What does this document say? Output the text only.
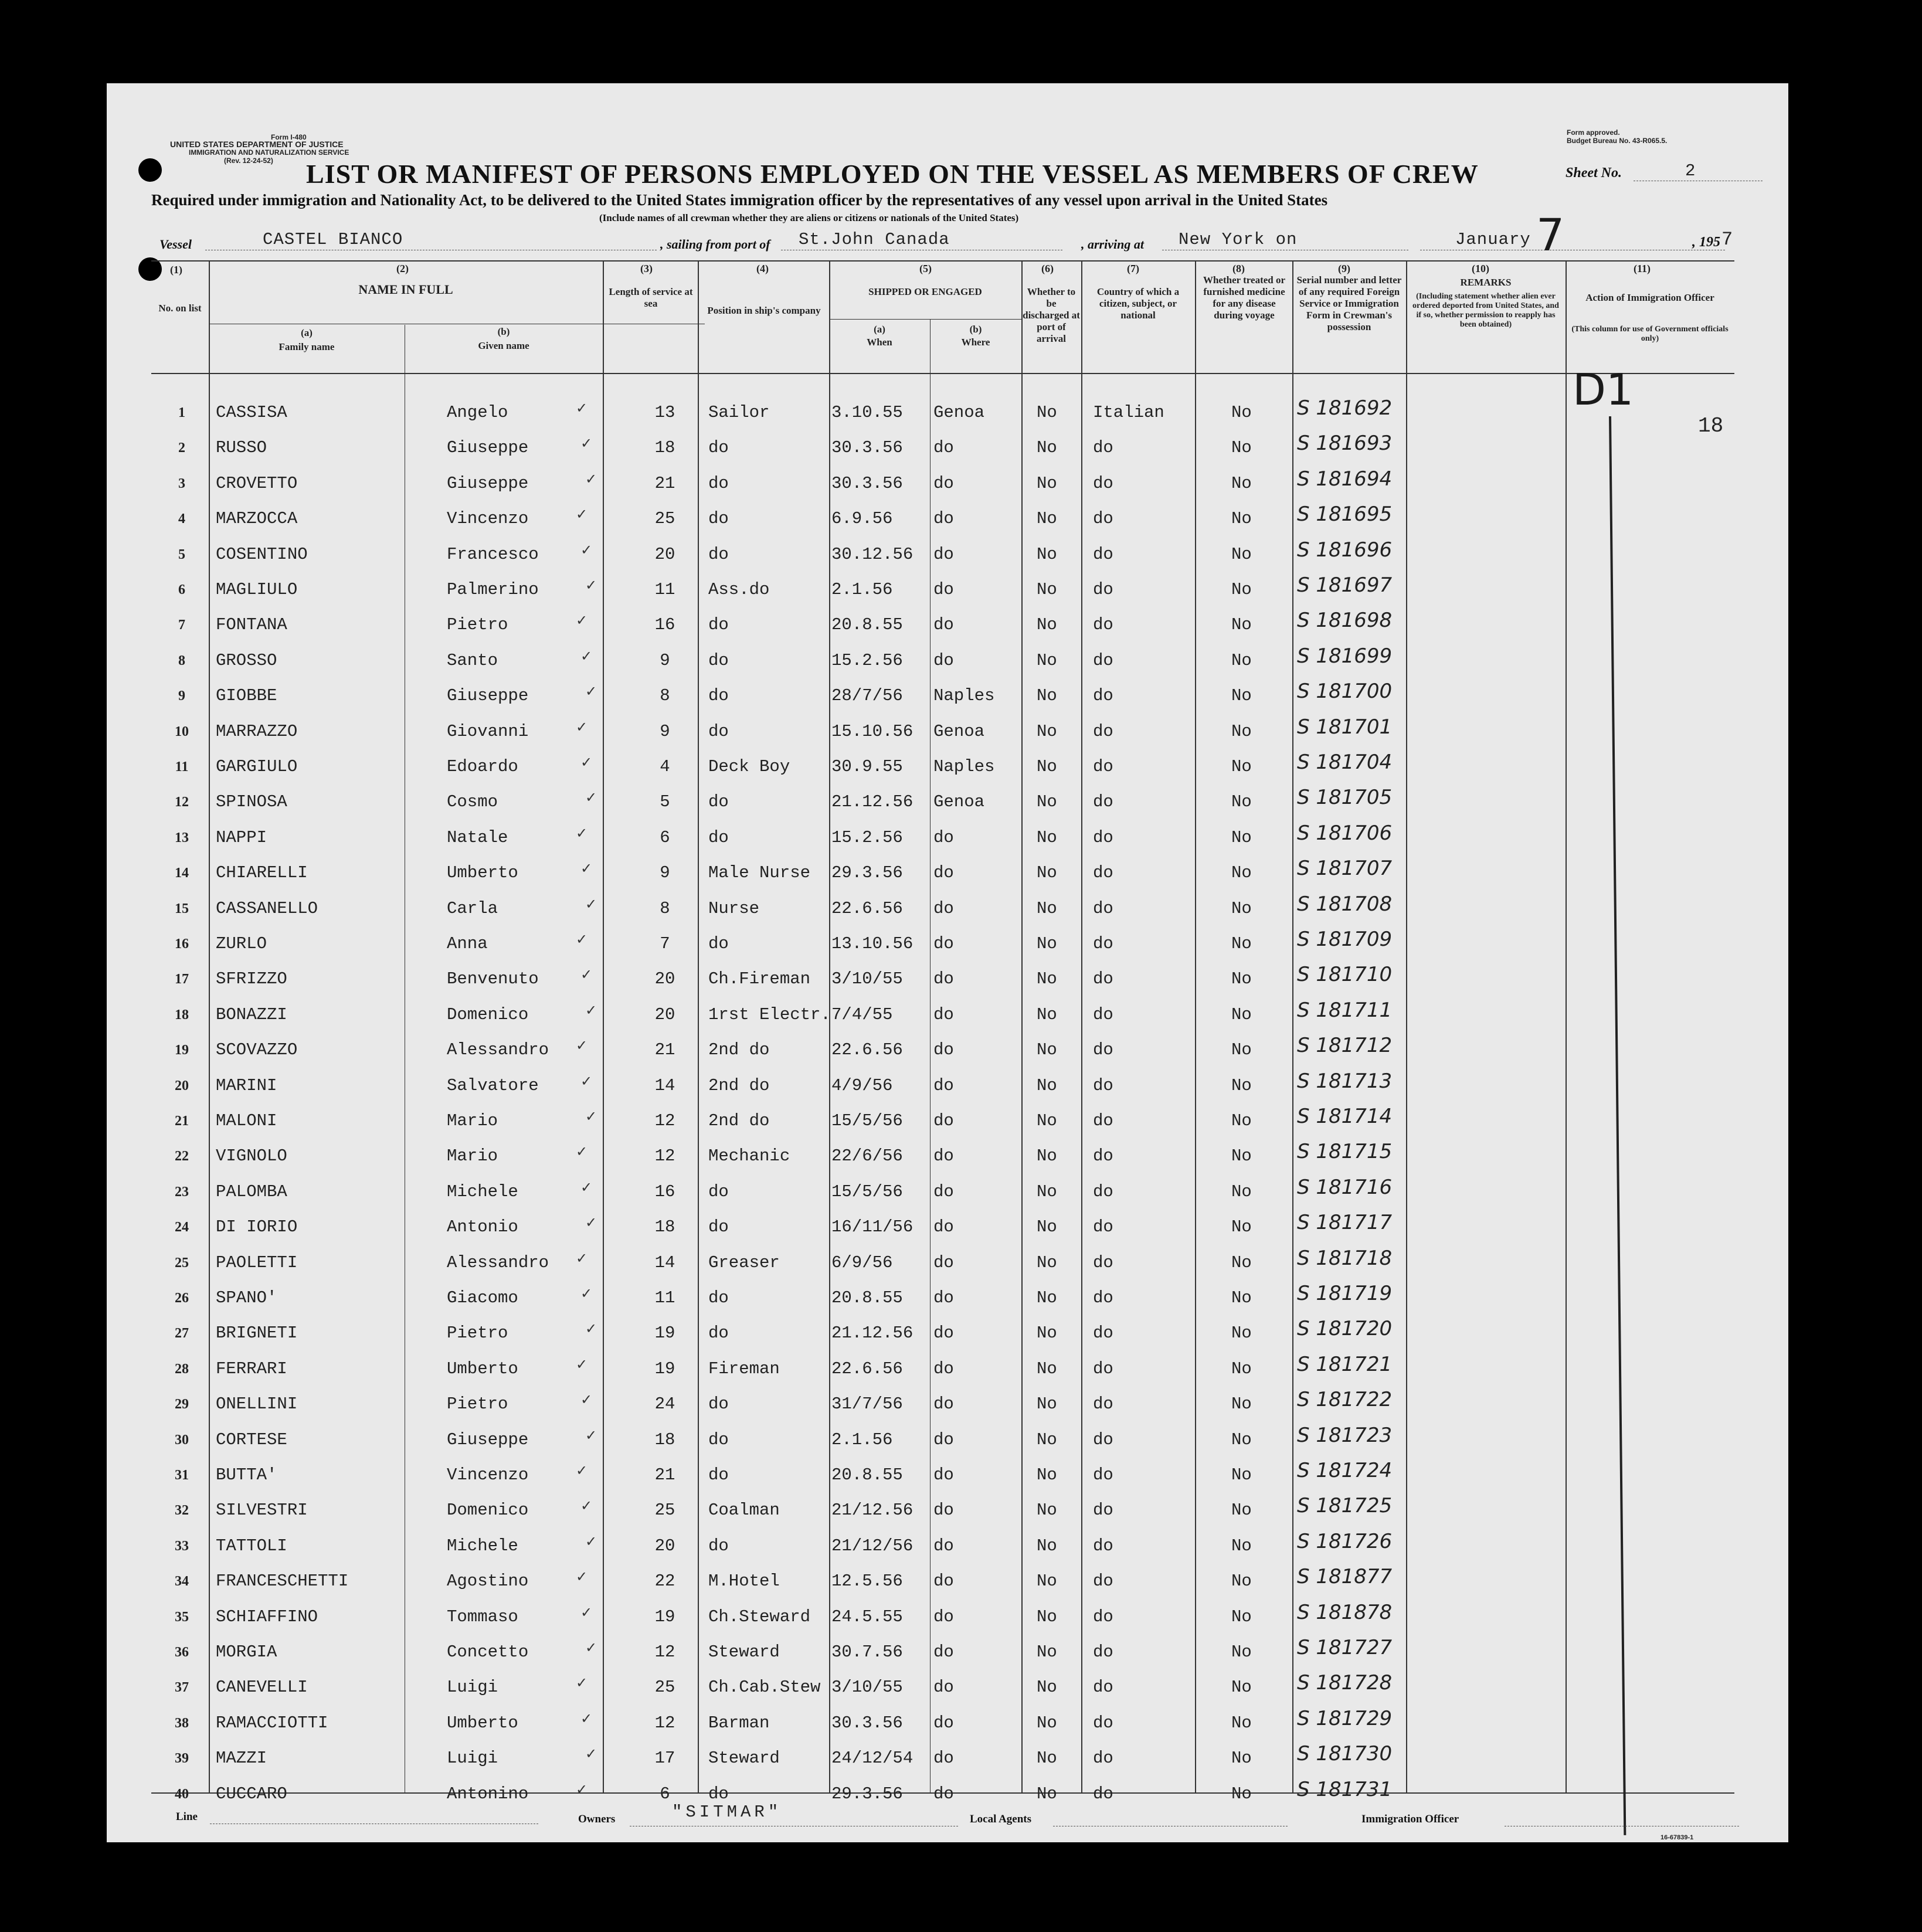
Form I-480
UNITED STATES DEPARTMENT OF JUSTICE
IMMIGRATION AND NATURALIZATION SERVICE
(Rev. 12-24-52)
Form approved.
Budget Bureau No. 43-R065.5.
LIST OR MANIFEST OF PERSONS EMPLOYED ON THE VESSEL AS MEMBERS OF CREW	Sheet No.	2
Required under immigration and Nationality Act, to be delivered to the United States immigration officer by the representatives of any vessel upon arrival in the United States
(Include names of all crewman whether they are aliens or citizens or nationals of the United States)
Vessel	CASTEL BIANCO	, sailing from port of St.John Canada	, arriving at New York on	January 7	, 195 7
(1)
No. on list
(2)
NAME IN FULL
(a)
Family name
(b)
Given name
(3)
Length of service at sea
(4)
Position in ship's company
(5)
SHIPPED OR ENGAGED
(a)
When
(b)
Where
(6)
Whether to be discharged at port of arrival
(7)
Country of which a citizen, subject, or national
(8)
Whether treated or furnished medicine for any disease during voyage
(9)
Serial number and letter of any required Foreign Service or Immigration Form in Crewman's possession
(10)
REMARKS
(Including statement whether alien ever ordered deported from United States, and if so, whether permission to reapply has been obtained)
(11)
Action of Immigration Officer
(This column for use of Government officials only)
1	CASSISA	Angelo	13	Sailor	3.10.55 Genoa	No Italian	No S 181692
✓
2	RUSSO	Giuseppe	18	do	30.3.56 do	No do	No S 181693
✓
3	CROVETTO	Giuseppe	21	do	30.3.56 do	No do	No S 181694
✓
4	MARZOCCA	Vincenzo	25	do	6.9.56 do	No do	No S 181695
✓
5	COSENTINO	Francesco	20	do	30.12.56 do	No do	No S 181696
✓
6	MAGLIULO	Palmerino	11	Ass.do	2.1.56 do	No do	No S 181697
✓
7	FONTANA	Pietro	16	do	20.8.55 do	No do	No S 181698
✓
8	GROSSO	Santo	9	do	15.2.56 do	No do	No S 181699
✓
9	GIOBBE	Giuseppe	8	do	28/7/56 Naples No do	No S 181700
✓
10	MARRAZZO	Giovanni	9	do	15.10.56 Genoa	No do	No S 181701
✓
11	GARGIULO	Edoardo	4	Deck Boy 30.9.55 Naples No do	No S 181704
✓
12	SPINOSA	Cosmo	5	do	21.12.56 Genoa	No do	No S 181705
✓
13	NAPPI	Natale	6	do	15.2.56 do	No do	No S 181706
✓
14	CHIARELLI	Umberto	9	Male Nurse 29.3.56 do	No do	No S 181707
✓
15	CASSANELLO	Carla	8	Nurse	22.6.56 do	No do	No S 181708
✓
16	ZURLO	Anna	7	do	13.10.56 do	No do	No S 181709
✓
17	SFRIZZO	Benvenuto	20	Ch.Fireman 3/10/55 do	No do	No S 181710
✓
18	BONAZZI	Domenico	20	1rst Electr. 7/4/55 do	No do	No S 181711
✓
19	SCOVAZZO	Alessandro	21	2nd do	22.6.56 do	No do	No S 181712
✓
20	MARINI	Salvatore	14	2nd do	4/9/56 do	No do	No S 181713
✓
21	MALONI	Mario	12	2nd do	15/5/56 do	No do	No S 181714
✓
22	VIGNOLO	Mario	12	Mechanic 22/6/56 do	No do	No S 181715
✓
23	PALOMBA	Michele	16	do	15/5/56 do	No do	No S 181716
✓
24	DI IORIO	Antonio	18	do	16/11/56 do	No do	No S 181717
✓
25	PAOLETTI	Alessandro	14	Greaser	6/9/56 do	No do	No S 181718
✓
26	SPANO'	Giacomo	11	do	20.8.55 do	No do	No S 181719
✓
27	BRIGNETI	Pietro	19	do	21.12.56 do	No do	No S 181720
✓
28	FERRARI	Umberto	19	Fireman	22.6.56 do	No do	No S 181721
✓
29	ONELLINI	Pietro	24	do	31/7/56 do	No do	No S 181722
✓
30	CORTESE	Giuseppe	18	do	2.1.56 do	No do	No S 181723
✓
31	BUTTA'	Vincenzo	21	do	20.8.55 do	No do	No S 181724
✓
32	SILVESTRI	Domenico	25	Coalman	21/12.56 do	No do	No S 181725
✓
33	TATTOLI	Michele	20	do	21/12/56 do	No do	No S 181726
✓
34	FRANCESCHETTI	Agostino	22	M.Hotel	12.5.56 do	No do	No S 181877
✓
35	SCHIAFFINO	Tommaso	19	Ch.Steward 24.5.55 do	No do	No S 181878
✓
36	MORGIA	Concetto	12	Steward	30.7.56 do	No do	No S 181727
✓
37	CANEVELLI	Luigi	25	Ch.Cab.Stew 3/10/55 do	No do	No S 181728
✓
38	RAMACCIOTTI	Umberto	12	Barman	30.3.56 do	No do	No S 181729
✓
39	MAZZI	Luigi	17	Steward	24/12/54 do	No do	No S 181730
✓
40	CUCCARO	Antonino	6	do	29.3.56 do	No do	No S 181731
✓
D1
18
Line	Owners	"SITMAR"	Local Agents	Immigration Officer
16-67839-1
